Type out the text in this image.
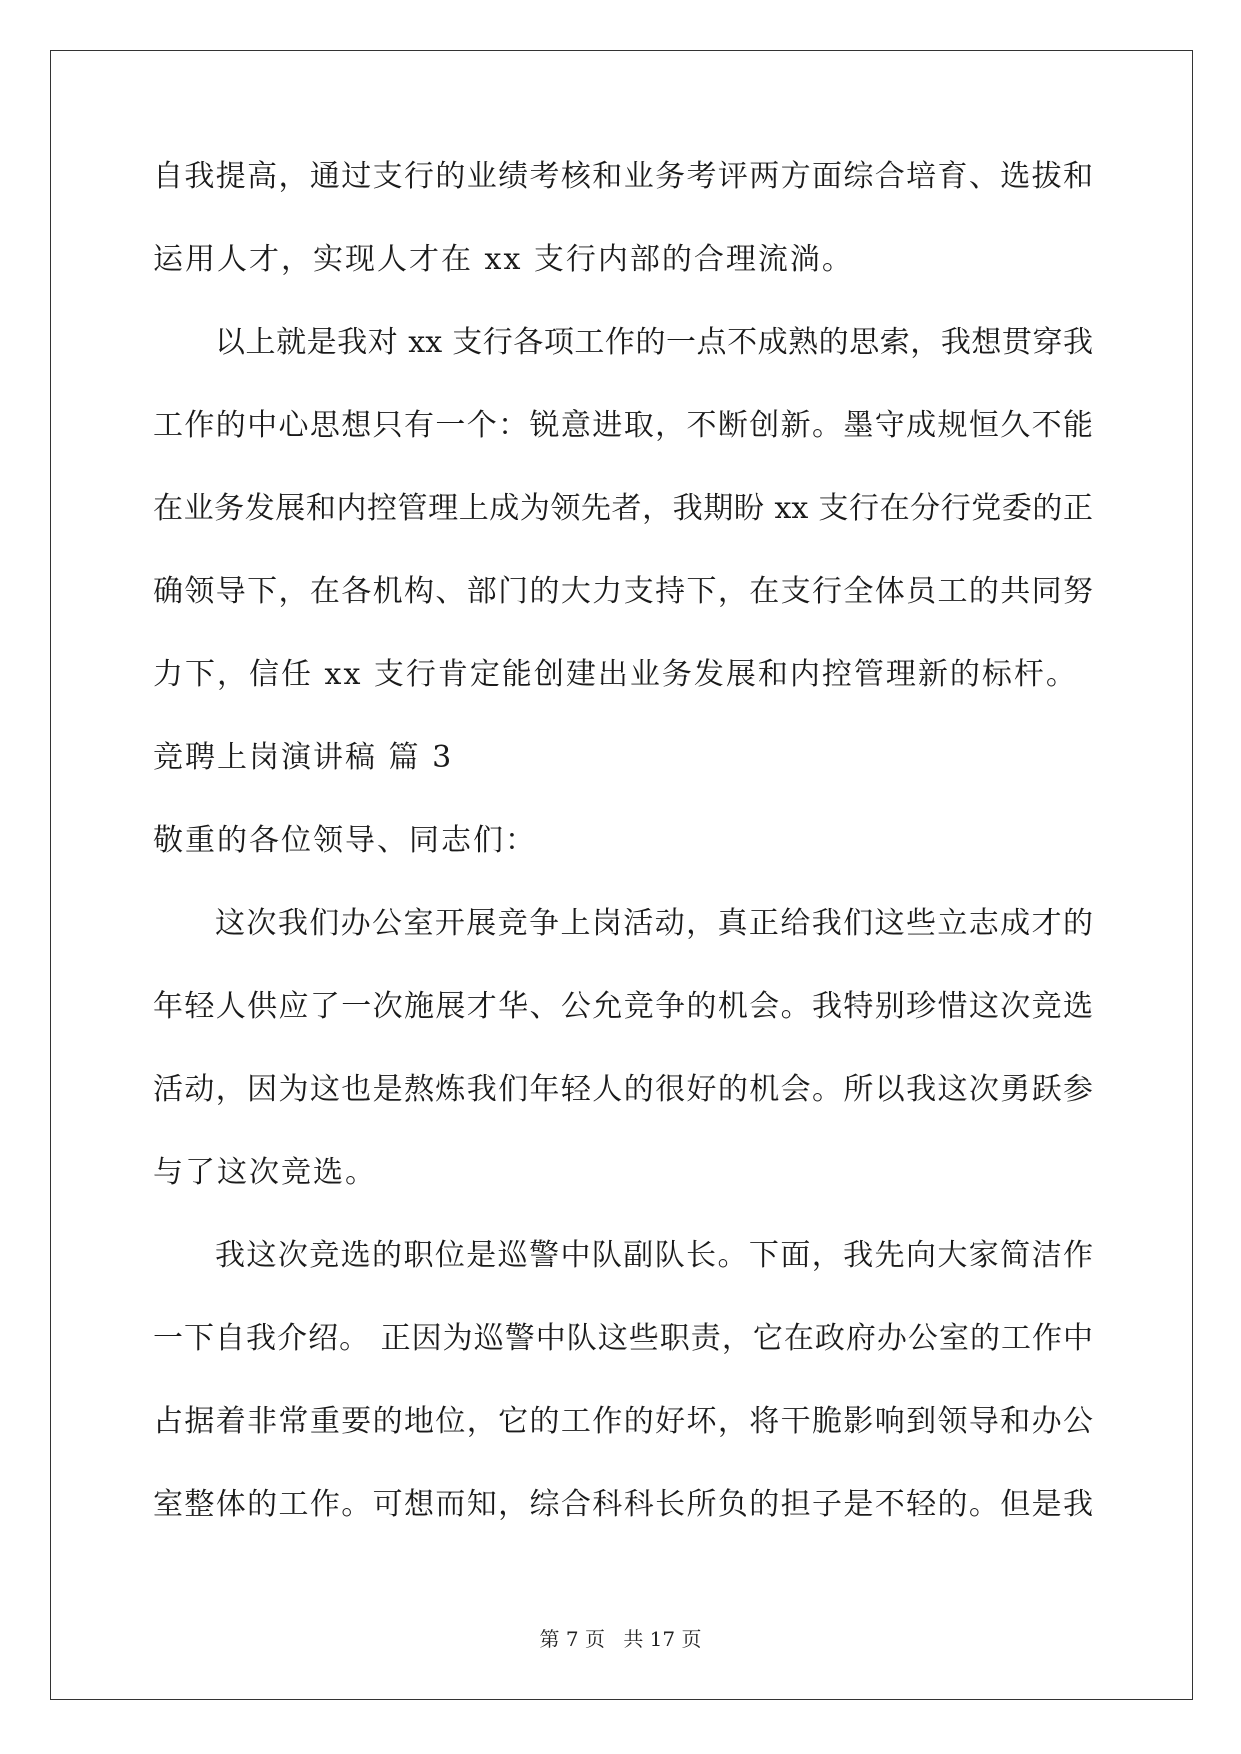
自我提高，通过支行的业绩考核和业务考评两方面综合培育、选拔和
运用人才，实现人才在 xx 支行内部的合理流淌。
以上就是我对 xx 支行各项工作的一点不成熟的思索，我想贯穿我
工作的中心思想只有一个：锐意进取，不断创新。墨守成规恒久不能
在业务发展和内控管理上成为领先者，我期盼 xx 支行在分行党委的正
确领导下，在各机构、部门的大力支持下，在支行全体员工的共同努
力下，信任 xx 支行肯定能创建出业务发展和内控管理新的标杆。
竞聘上岗演讲稿 篇 3
敬重的各位领导、同志们：
这次我们办公室开展竞争上岗活动，真正给我们这些立志成才的
年轻人供应了一次施展才华、公允竞争的机会。我特别珍惜这次竞选
活动，因为这也是熬炼我们年轻人的很好的机会。所以我这次勇跃参
与了这次竞选。
我这次竞选的职位是巡警中队副队长。下面，我先向大家简洁作
一下自我介绍。 正因为巡警中队这些职责，它在政府办公室的工作中
占据着非常重要的地位，它的工作的好坏，将干脆影响到领导和办公
室整体的工作。可想而知，综合科科长所负的担子是不轻的。但是我
第 7 页 共 17 页
